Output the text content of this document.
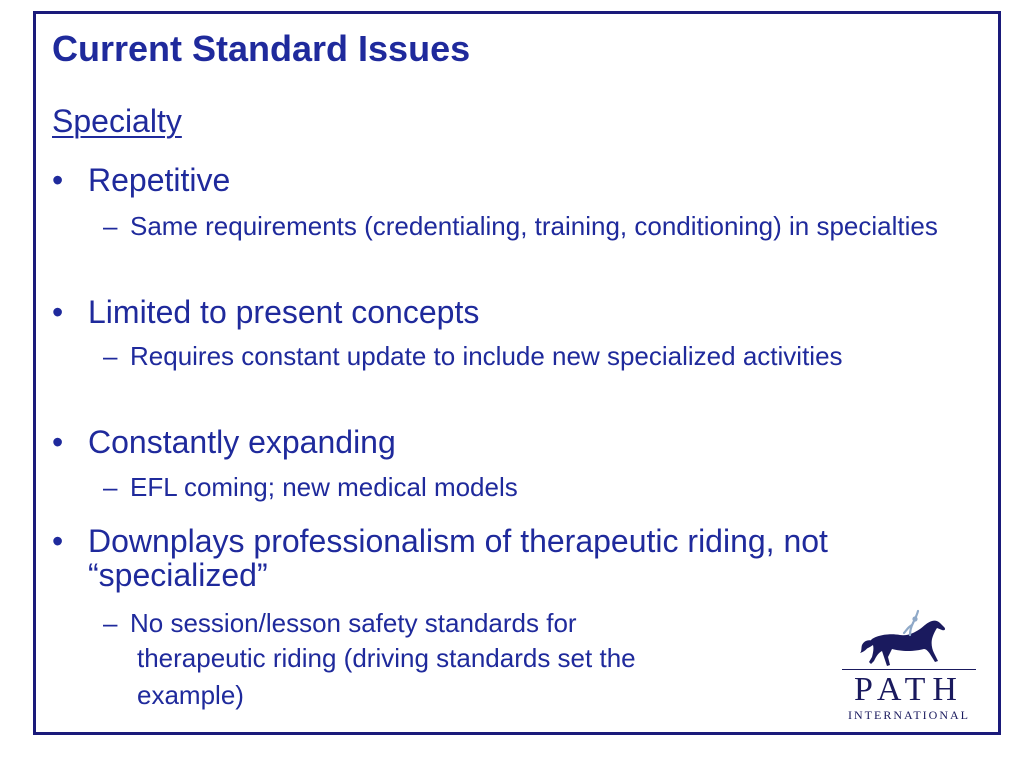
Current Standard Issues
Specialty
• Repetitive
– Same requirements (credentialing, training, conditioning) in specialties
• Limited to present concepts
– Requires constant update to include new specialized activities
• Constantly expanding
– EFL coming; new medical models
• Downplays professionalism of therapeutic riding, not “specialized”
– No session/lesson safety standards for
therapeutic riding (driving standards set the
example)	PATH
INTERNATIONAL
